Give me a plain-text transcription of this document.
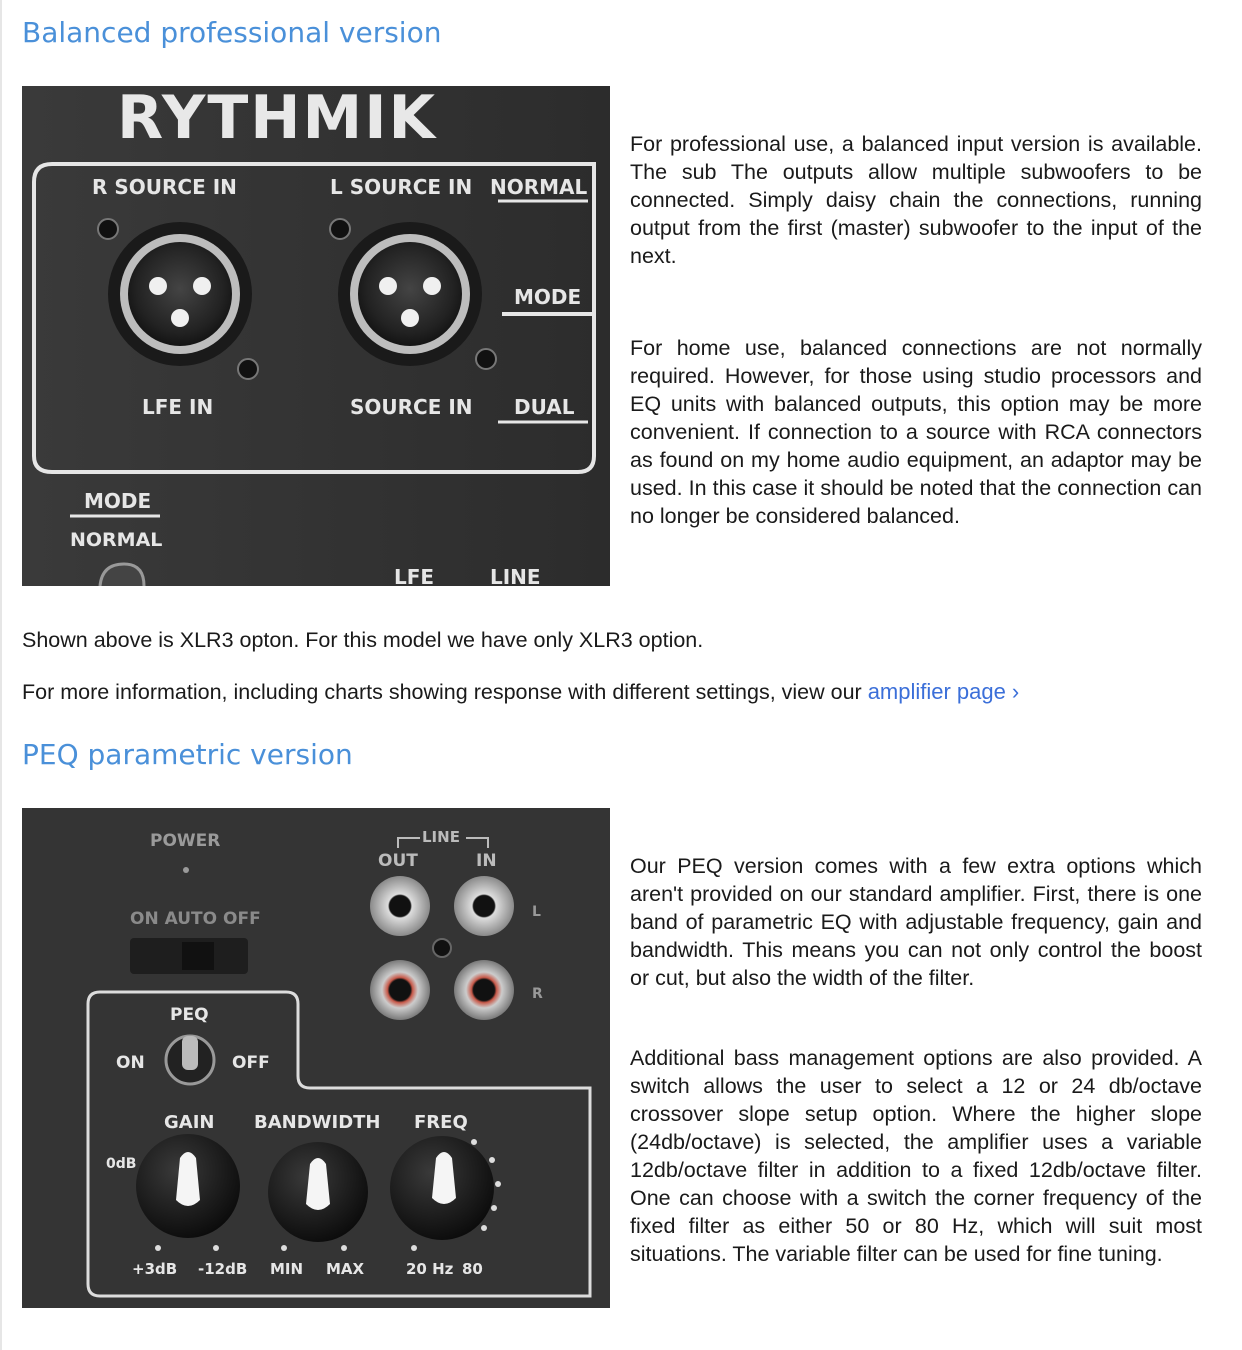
Balanced professional version
RYTHMIK
R SOURCE IN	L SOURCE IN NORMAL
MODE
LFE IN	SOURCE IN DUAL
MODE
NORMAL
LFE	LINE
For professional use, a balanced input version is available. The sub The outputs allow multiple subwoofers to be connected. Simply daisy chain the connections, running output from the first (master) subwoofer to the input of the next.
For home use, balanced connections are not normally required. However, for those using studio processors and EQ units with balanced outputs, this option may be more convenient. If connection to a source with RCA connectors as found on my home audio equipment, an adaptor may be used. In this case it should be noted that the connection can no longer be considered balanced.
Shown above is XLR3 opton. For this model we have only XLR3 option.
For more information, including charts showing response with different settings, view our amplifier page ›
PEQ parametric version
POWER
ON AUTO OFF
LINE
OUT	IN
L
R
PEQ
ON	OFF
GAIN BANDWIDTH FREQ
0dB
+3dB -12dB MIN MAX	20 Hz 80
Our PEQ version comes with a few extra options which aren't provided on our standard amplifier. First, there is one band of parametric EQ with adjustable frequency, gain and bandwidth. This means you can not only control the boost or cut, but also the width of the filter.
Additional bass management options are also provided. A switch allows the user to select a 12 or 24 db/octave crossover slope setup option. Where the higher slope (24db/octave) is selected, the amplifier uses a variable 12db/octave filter in addition to a fixed 12db/octave filter. One can choose with a switch the corner frequency of the fixed filter as either 50 or 80 Hz, which will suit most situations. The variable filter can be used for fine tuning.
